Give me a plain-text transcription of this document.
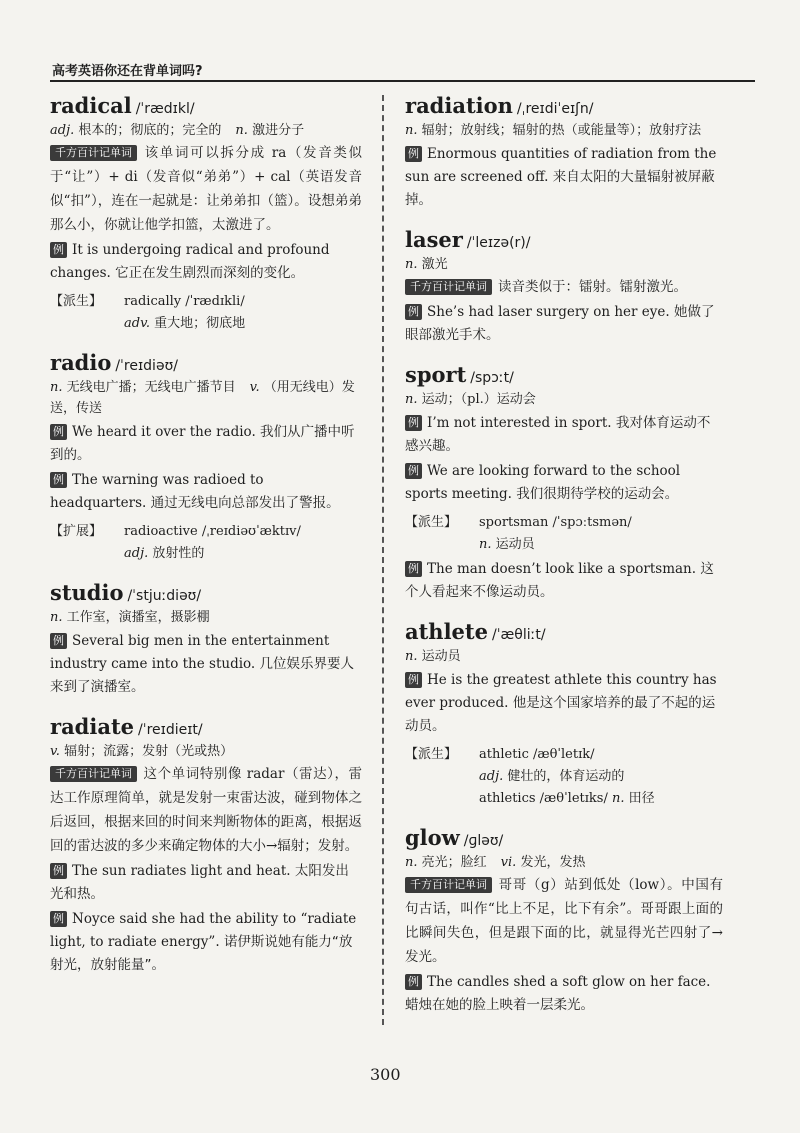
高考英语你还在背单词吗?
radical /ˈrædɪkl/
adj. 根本的；彻底的；完全的 n. 激进分子
千方百计记单词 该单词可以拆分成 ra（发音类似于“让”）+ di（发音似“弟弟”）+ cal（英语发音似“扣”），连在一起就是：让弟弟扣（篮）。设想弟弟那么小，你就让他学扣篮，太激进了。
例 It is undergoing radical and profound changes. 它正在发生剧烈而深刻的变化。
【派生】	radically /ˈrædɪkli/
adv. 重大地；彻底地
radio /ˈreɪdiəʊ/
n. 无线电广播；无线电广播节目 v. （用无线电）发送，传送
例 We heard it over the radio. 我们从广播中听到的。
例 The warning was radioed to headquarters. 通过无线电向总部发出了警报。
【扩展】	radioactive /ˌreɪdiəʊˈæktɪv/
adj. 放射性的
studio /ˈstjuːdiəʊ/
n. 工作室，演播室，摄影棚
例 Several big men in the entertainment industry came into the studio. 几位娱乐界要人来到了演播室。
radiate /ˈreɪdieɪt/
v. 辐射；流露；发射（光或热）
千方百计记单词 这个单词特别像 radar（雷达），雷达工作原理简单，就是发射一束雷达波，碰到物体之后返回，根据来回的时间来判断物体的距离，根据返回的雷达波的多少来确定物体的大小→辐射；发射。
例 The sun radiates light and heat. 太阳发出光和热。
例 Noyce said she had the ability to “radiate light, to radiate energy”. 诺伊斯说她有能力“放射光，放射能量”。
radiation /ˌreɪdiˈeɪʃn/
n. 辐射；放射线；辐射的热（或能量等）；放射疗法
例 Enormous quantities of radiation from the sun are screened off. 来自太阳的大量辐射被屏蔽掉。
laser /ˈleɪzə(r)/
n. 激光
千方百计记单词 读音类似于：镭射。镭射激光。
例 She’s had laser surgery on her eye. 她做了眼部激光手术。
sport /spɔːt/
n. 运动；（pl.）运动会
例 I’m not interested in sport. 我对体育运动不感兴趣。
例 We are looking forward to the school sports meeting. 我们很期待学校的运动会。
【派生】	sportsman /ˈspɔːtsmən/
n. 运动员
例 The man doesn’t look like a sportsman. 这个人看起来不像运动员。
athlete /ˈæθliːt/
n. 运动员
例 He is the greatest athlete this country has ever produced. 他是这个国家培养的最了不起的运动员。
【派生】	athletic /æθˈletɪk/
adj. 健壮的，体育运动的
athletics /æθˈletɪks/ n. 田径
glow /ɡləʊ/
n. 亮光；脸红 vi. 发光，发热
千方百计记单词 哥哥（g）站到低处（low）。中国有句古话，叫作“比上不足，比下有余”。哥哥跟上面的比瞬间失色，但是跟下面的比，就显得光芒四射了→发光。
例 The candles shed a soft glow on her face. 蜡烛在她的脸上映着一层柔光。
300
